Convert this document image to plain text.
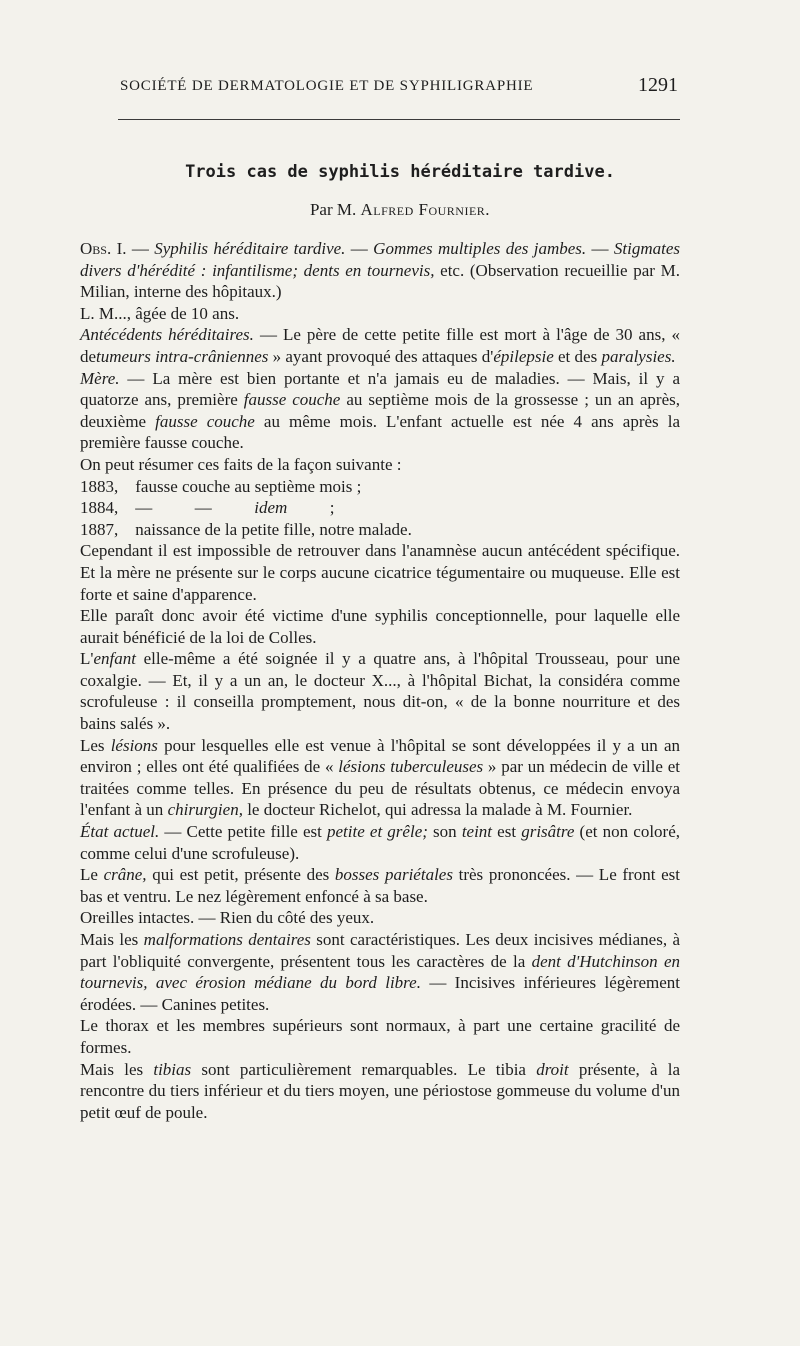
SOCIÉTÉ DE DERMATOLOGIE ET DE SYPHILIGRAPHIE	1291
Trois cas de syphilis héréditaire tardive.
Par M. Alfred Fournier.

Obs. I. — Syphilis héréditaire tardive. — Gommes multiples des jambes. — Stigmates divers d'hérédité : infantilisme; dents en tournevis, etc. (Observation recueillie par M. Milian, interne des hôpitaux.)

L. M..., âgée de 10 ans.

Antécédents héréditaires. — Le père de cette petite fille est mort à l'âge de 30 ans, « detumeurs intra-crâniennes » ayant provoqué des attaques d'épilepsie et des paralysies.

Mère. — La mère est bien portante et n'a jamais eu de maladies. — Mais, il y a quatorze ans, première fausse couche au septième mois de la grossesse ; un an après, deuxième fausse couche au même mois. L'enfant actuelle est née 4 ans après la première fausse couche.

On peut résumer ces faits de la façon suivante :

1883, fausse couche au septième mois ;
1884, —          — idem ;
1887, naissance de la petite fille, notre malade.

Cependant il est impossible de retrouver dans l'anamnèse aucun antécédent spécifique. Et la mère ne présente sur le corps aucune cicatrice tégumentaire ou muqueuse. Elle est forte et saine d'apparence.

Elle paraît donc avoir été victime d'une syphilis conceptionnelle, pour laquelle elle aurait bénéficié de la loi de Colles.

L'enfant elle-même a été soignée il y a quatre ans, à l'hôpital Trousseau, pour une coxalgie. — Et, il y a un an, le docteur X..., à l'hôpital Bichat, la considéra comme scrofuleuse : il conseilla promptement, nous dit-on, « de la bonne nourriture et des bains salés ».

Les lésions pour lesquelles elle est venue à l'hôpital se sont développées il y a un an environ ; elles ont été qualifiées de « lésions tuberculeuses » par un médecin de ville et traitées comme telles. En présence du peu de résultats obtenus, ce médecin envoya l'enfant à un chirurgien, le docteur Richelot, qui adressa la malade à M. Fournier.

État actuel. — Cette petite fille est petite et grêle; son teint est grisâtre (et non coloré, comme celui d'une scrofuleuse).

Le crâne, qui est petit, présente des bosses pariétales très prononcées. — Le front est bas et ventru. Le nez légèrement enfoncé à sa base.

Oreilles intactes. — Rien du côté des yeux.

Mais les malformations dentaires sont caractéristiques. Les deux incisives médianes, à part l'obliquité convergente, présentent tous les caractères de la dent d'Hutchinson en tournevis, avec érosion médiane du bord libre. — Incisives inférieures légèrement érodées. — Canines petites.

Le thorax et les membres supérieurs sont normaux, à part une certaine gracilité de formes.

Mais les tibias sont particulièrement remarquables. Le tibia droit présente, à la rencontre du tiers inférieur et du tiers moyen, une périostose gommeuse du volume d'un petit œuf de poule.
